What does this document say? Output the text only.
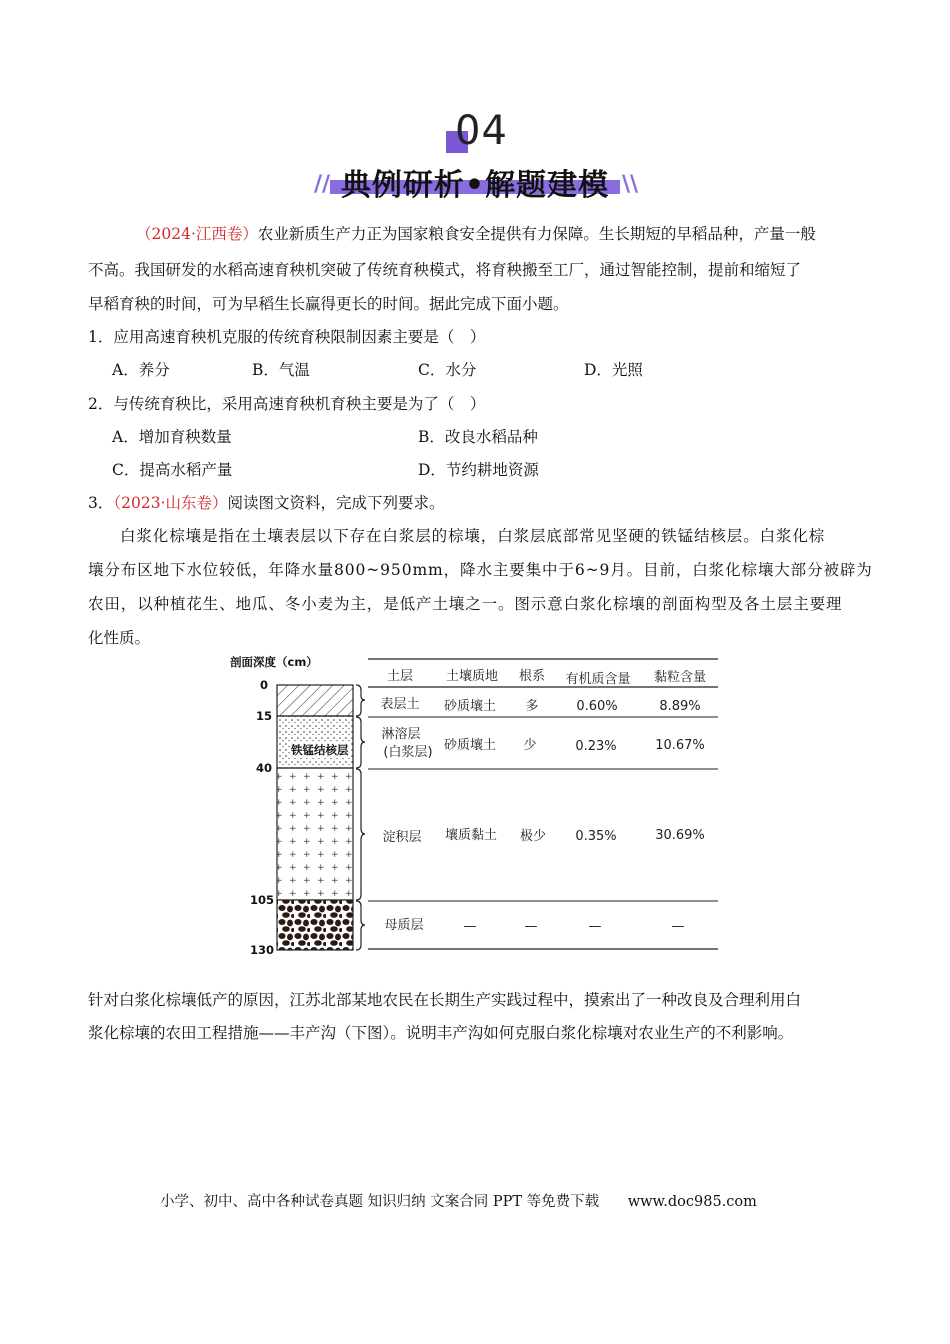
04
//	\\
典例研析•解题建模
（2024·江西卷）农业新质生产力正为国家粮食安全提供有力保障。生长期短的早稻品种，产量一般
不高。我国研发的水稻高速育秧机突破了传统育秧模式，将育秧搬至工厂，通过智能控制，提前和缩短了
早稻育秧的时间，可为早稻生长赢得更长的时间。据此完成下面小题。
1．应用高速育秧机克服的传统育秧限制因素主要是（　）
A．养分	B．气温	C．水分	D．光照
2．与传统育秧比，采用高速育秧机育秧主要是为了（　）
A．增加育秧数量	B．改良水稻品种
C．提高水稻产量	D．节约耕地资源
3．（2023·山东卷）阅读图文资料，完成下列要求。
白浆化棕壤是指在土壤表层以下存在白浆层的棕壤，白浆层底部常见坚硬的铁锰结核层。白浆化棕
壤分布区地下水位较低，年降水量800~950mm，降水主要集中于6~9月。目前，白浆化棕壤大部分被辟为
农田，以种植花生、地瓜、冬小麦为主，是低产土壤之一。图示意白浆化棕壤的剖面构型及各土层主要理
化性质。
剖面深度（cm）
铁锰结核层
0
15
40
105
130
土层	土壤质地 根系 有机质含量 黏粒含量
表层土 砂质壤土 多	0.60%	8.89%
淋溶层
(白浆层) 砂质壤土 少	0.23%	10.67%
淀积层 壤质黏土 极少 0.35%	30.69%
母质层	—	—	—	—
针对白浆化棕壤低产的原因，江苏北部某地农民在长期生产实践过程中，摸索出了一种改良及合理利用白
浆化棕壤的农田工程措施——丰产沟（下图）。说明丰产沟如何克服白浆化棕壤对农业生产的不利影响。
小学、初中、高中各种试卷真题 知识归纳 文案合同 PPT 等免费下载 www.doc985.com
